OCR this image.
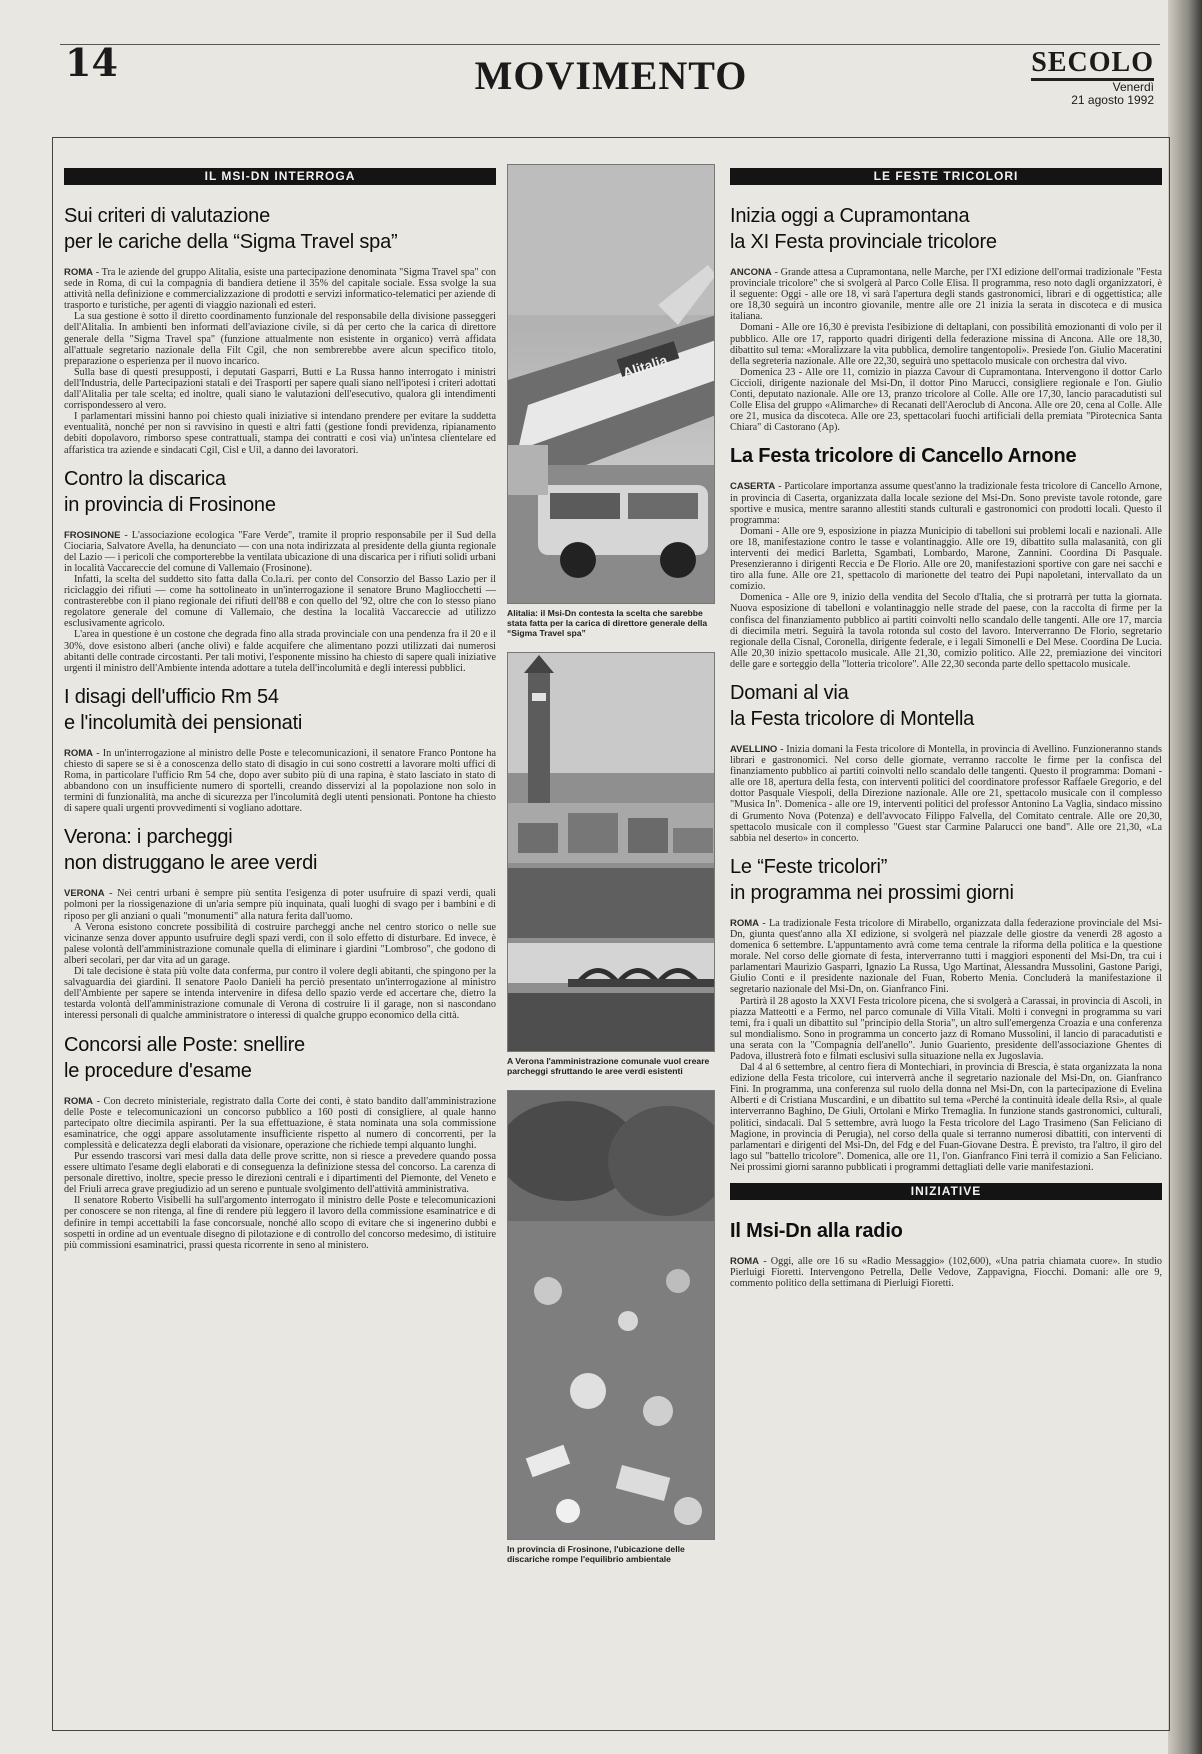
14	MOVIMENTO	SECOLO
Venerdì
21 agosto 1992
IL MSI-DN INTERROGA
Sui criteri di valutazione
per le cariche della “Sigma Travel spa”

ROMA - Tra le aziende del gruppo Alitalia, esiste una partecipazione denominata "Sigma Travel spa" con sede in Roma, di cui la compagnia di bandiera detiene il 35% del capitale sociale. Essa svolge la sua attività nella definizione e commercializzazione di prodotti e servizi informatico-telematici per aziende di trasporto e turistiche, per agenti di viaggio nazionali ed esteri.

La sua gestione è sotto il diretto coordinamento funzionale del responsabile della divisione passeggeri dell'Alitalia. In ambienti ben informati dell'aviazione civile, si dà per certo che la carica di direttore generale della "Sigma Travel spa" (funzione attualmente non esistente in organico) verrà affidata all'attuale segretario nazionale della Filt Cgil, che non sembrerebbe avere alcun specifico titolo, preparazione o esperienza per il nuovo incarico.

Sulla base di questi presupposti, i deputati Gasparri, Butti e La Russa hanno interrogato i ministri dell'Industria, delle Partecipazioni statali e dei Trasporti per sapere quali siano nell'ipotesi i criteri adottati dall'Alitalia per tale scelta; ed inoltre, quali siano le valutazioni dell'esecutivo, qualora gli intendimenti corrispondessero al vero.

I parlamentari missini hanno poi chiesto quali iniziative si intendano prendere per evitare la suddetta eventualità, nonché per non si ravvisino in questi e altri fatti (gestione fondi previdenza, ripianamento debiti dopolavoro, rimborso spese contrattuali, stampa dei contratti e così via) un'intesa clientelare ed affaristica tra aziende e sindacati Cgil, Cisl e Uil, a danno dei lavoratori.

Contro la discarica
in provincia di Frosinone

FROSINONE - L'associazione ecologica "Fare Verde", tramite il proprio responsabile per il Sud della Ciociaria, Salvatore Avella, ha denunciato — con una nota indirizzata al presidente della giunta regionale del Lazio — i pericoli che comporterebbe la ventilata ubicazione di una discarica per i rifiuti solidi urbani in località Vaccareccie del comune di Vallemaio (Frosinone).

Infatti, la scelta del suddetto sito fatta dalla Co.la.ri. per conto del Consorzio del Basso Lazio per il riciclaggio dei rifiuti — come ha sottolineato in un'interrogazione il senatore Bruno Magliocchetti — contrasterebbe con il piano regionale dei rifiuti dell'88 e con quello del '92, oltre che con lo stesso piano regolatore generale del comune di Vallemaio, che destina la località Vaccareccie ad utilizzo esclusivamente agricolo.

L'area in questione è un costone che degrada fino alla strada provinciale con una pendenza fra il 20 e il 30%, dove esistono alberi (anche olivi) e falde acquifere che alimentano pozzi utilizzati dai numerosi abitanti delle contrade circostanti. Per tali motivi, l'esponente missino ha chiesto di sapere quali iniziative urgenti il ministro dell'Ambiente intenda adottare a tutela dell'incolumità e degli interessi pubblici.

I disagi dell'ufficio Rm 54
e l'incolumità dei pensionati

ROMA - In un'interrogazione al ministro delle Poste e telecomunicazioni, il senatore Franco Pontone ha chiesto di sapere se si è a conoscenza dello stato di disagio in cui sono costretti a lavorare molti uffici di Roma, in particolare l'ufficio Rm 54 che, dopo aver subito più di una rapina, è stato lasciato in stato di abbandono con un insufficiente numero di sportelli, creando disservizi al la popolazione non solo in termini di funzionalità, ma anche di sicurezza per l'incolumità degli utenti pensionati. Pontone ha chiesto di sapere quali urgenti provvedimenti si vogliano adottare.

Verona: i parcheggi
non distruggano le aree verdi

VERONA - Nei centri urbani è sempre più sentita l'esigenza di poter usufruire di spazi verdi, quali polmoni per la riossigenazione di un'aria sempre più inquinata, quali luoghi di svago per i bambini e di riposo per gli anziani o quali "monumenti" alla natura ferita dall'uomo.

A Verona esistono concrete possibilità di costruire parcheggi anche nel centro storico o nelle sue vicinanze senza dover appunto usufruire degli spazi verdi, con il solo effetto di disturbare. Ed invece, è palese volontà dell'amministrazione comunale quella di eliminare i giardini "Lombroso", che godono di alberi secolari, per dar vita ad un garage.

Di tale decisione è stata più volte data conferma, pur contro il volere degli abitanti, che spingono per la salvaguardia dei giardini. Il senatore Paolo Danieli ha perciò presentato un'interrogazione al ministro dell'Ambiente per sapere se intenda intervenire in difesa dello spazio verde ed accertare che, dietro la testarda volontà dell'amministrazione comunale di Verona di costruire lì il garage, non si nascondano interessi personali di qualche amministratore o interessi di qualche gruppo economico della città.

Concorsi alle Poste: snellire
le procedure d'esame

ROMA - Con decreto ministeriale, registrato dalla Corte dei conti, è stato bandito dall'amministrazione delle Poste e telecomunicazioni un concorso pubblico a 160 posti di consigliere, al quale hanno partecipato oltre diecimila aspiranti. Per la sua effettuazione, è stata nominata una sola commissione esaminatrice, che oggi appare assolutamente insufficiente rispetto al numero di concorrenti, per la complessità e delicatezza degli elaborati da visionare, operazione che richiede tempi alquanto lunghi.

Pur essendo trascorsi vari mesi dalla data delle prove scritte, non si riesce a prevedere quando possa essere ultimato l'esame degli elaborati e di conseguenza la definizione stessa del concorso. La carenza di personale direttivo, inoltre, specie presso le direzioni centrali e i dipartimenti del Piemonte, del Veneto e del Friuli arreca grave pregiudizio ad un sereno e puntuale svolgimento dell'attività amministrativa.

Il senatore Roberto Visibelli ha sull'argomento interrogato il ministro delle Poste e telecomunicazioni per conoscere se non ritenga, al fine di rendere più leggero il lavoro della commissione esaminatrice e di definire in tempi accettabili la fase concorsuale, nonché allo scopo di evitare che si ingenerino dubbi e sospetti in ordine ad un eventuale disegno di pilotazione e di controllo del concorso medesimo, di istituire più commissioni esaminatrici, prassi questa ricorrente in seno al ministero.

Alitalia
Alitalia: il Msi-Dn contesta la scelta che sarebbe stata fatta per la carica di direttore generale della “Sigma Travel spa”
A Verona l'amministrazione comunale vuol creare parcheggi sfruttando le aree verdi esistenti
In provincia di Frosinone, l'ubicazione delle discariche rompe l'equilibrio ambientale
LE FESTE TRICOLORI
Inizia oggi a Cupramontana
la XI Festa provinciale tricolore

ANCONA - Grande attesa a Cupramontana, nelle Marche, per l'XI edizione dell'ormai tradizionale "Festa provinciale tricolore" che si svolgerà al Parco Colle Elisa. Il programma, reso noto dagli organizzatori, è il seguente: Oggi - alle ore 18, vi sarà l'apertura degli stands gastronomici, librari e di oggettistica; alle ore 18,30 seguirà un incontro giovanile, mentre alle ore 21 inizia la serata in discoteca e di musica italiana.

Domani - Alle ore 16,30 è prevista l'esibizione di deltaplani, con possibilità emozionanti di volo per il pubblico. Alle ore 17, rapporto quadri dirigenti della federazione missina di Ancona. Alle ore 18,30, dibattito sul tema: «Moralizzare la vita pubblica, demolire tangentopoli». Presiede l'on. Giulio Maceratini della segreteria nazionale. Alle ore 22,30, seguirà uno spettacolo musicale con orchestra dal vivo.

Domenica 23 - Alle ore 11, comizio in piazza Cavour di Cupramontana. Intervengono il dottor Carlo Ciccioli, dirigente nazionale del Msi-Dn, il dottor Pino Marucci, consigliere regionale e l'on. Giulio Conti, deputato nazionale. Alle ore 13, pranzo tricolore al Colle. Alle ore 17,30, lancio paracadutisti sul Colle Elisa del gruppo «Alimarche» di Recanati dell'Aeroclub di Ancona. Alle ore 20, cena al Colle. Alle ore 21, musica da discoteca. Alle ore 23, spettacolari fuochi artificiali della premiata "Pirotecnica Santa Chiara" di Castorano (Ap).

La Festa tricolore di Cancello Arnone

CASERTA - Particolare importanza assume quest'anno la tradizionale festa tricolore di Cancello Arnone, in provincia di Caserta, organizzata dalla locale sezione del Msi-Dn. Sono previste tavole rotonde, gare sportive e musica, mentre saranno allestiti stands culturali e gastronomici con prodotti locali. Questo il programma:

Domani - Alle ore 9, esposizione in piazza Municipio di tabelloni sui problemi locali e nazionali. Alle ore 18, manifestazione contro le tasse e volantinaggio. Alle ore 19, dibattito sulla malasanità, con gli interventi dei medici Barletta, Sgambati, Lombardo, Marone, Zannini. Coordina Di Pasquale. Presenzieranno i dirigenti Reccia e De Florio. Alle ore 20, manifestazioni sportive con gare nei sacchi e tiro alla fune. Alle ore 21, spettacolo di marionette del teatro dei Pupi napoletani, intervallato da un comizio.

Domenica - Alle ore 9, inizio della vendita del Secolo d'Italia, che si protrarrà per tutta la giornata. Nuova esposizione di tabelloni e volantinaggio nelle strade del paese, con la raccolta di firme per la confisca del finanziamento pubblico ai partiti coinvolti nello scandalo delle tangenti. Alle ore 17, marcia di diecimila metri. Seguirà la tavola rotonda sul costo del lavoro. Interverranno De Florio, segretario regionale della Cisnal, Coronella, dirigente federale, e i legali Simonelli e Del Mese. Coordina De Lucia. Alle 20,30 inizio spettacolo musicale. Alle 21,30, comizio politico. Alle 22, premiazione dei vincitori delle gare e sorteggio della "lotteria tricolore". Alle 22,30 seconda parte dello spettacolo musicale.

Domani al via
la Festa tricolore di Montella

AVELLINO - Inizia domani la Festa tricolore di Montella, in provincia di Avellino. Funzioneranno stands librari e gastronomici. Nel corso delle giornate, verranno raccolte le firme per la confisca del finanziamento pubblico ai partiti coinvolti nello scandalo delle tangenti. Questo il programma: Domani - alle ore 18, apertura della festa, con interventi politici del coordinatore professor Raffaele Gregorio, e del dottor Pasquale Viespoli, della Direzione nazionale. Alle ore 21, spettacolo musicale con il complesso "Musica In". Domenica - alle ore 19, interventi politici del professor Antonino La Vaglia, sindaco missino di Grumento Nova (Potenza) e dell'avvocato Filippo Falvella, del Comitato centrale. Alle ore 20,30, spettacolo musicale con il complesso "Guest star Carmine Palarucci one band". Alle ore 21,30, «La sabbia nel deserto» in concerto.

Le “Feste tricolori”
in programma nei prossimi giorni

ROMA - La tradizionale Festa tricolore di Mirabello, organizzata dalla federazione provinciale del Msi-Dn, giunta quest'anno alla XI edizione, si svolgerà nel piazzale delle giostre da venerdì 28 agosto a domenica 6 settembre. L'appuntamento avrà come tema centrale la riforma della politica e la questione morale. Nel corso delle giornate di festa, interverranno tutti i maggiori esponenti del Msi-Dn, tra cui i parlamentari Maurizio Gasparri, Ignazio La Russa, Ugo Martinat, Alessandra Mussolini, Gastone Parigi, Giulio Conti e il presidente nazionale del Fuan, Roberto Menia. Concluderà la manifestazione il segretario nazionale del Msi-Dn, on. Gianfranco Fini.

Partirà il 28 agosto la XXVI Festa tricolore picena, che si svolgerà a Carassai, in provincia di Ascoli, in piazza Matteotti e a Fermo, nel parco comunale di Villa Vitali. Molti i convegni in programma su vari temi, fra i quali un dibattito sul "principio della Storia", un altro sull'emergenza Croazia e una conferenza sul mondialismo. Sono in programma un concerto jazz di Romano Mussolini, il lancio di paracadutisti e una serata con la "Compagnia dell'anello". Junio Guariento, presidente dell'associazione Ghentes di Padova, illustrerà foto e filmati esclusivi sulla situazione nella ex Jugoslavia.

Dal 4 al 6 settembre, al centro fiera di Montechiari, in provincia di Brescia, è stata organizzata la nona edizione della Festa tricolore, cui interverrà anche il segretario nazionale del Msi-Dn, on. Gianfranco Fini. In programma, una conferenza sul ruolo della donna nel Msi-Dn, con la partecipazione di Evelina Alberti e di Cristiana Muscardini, e un dibattito sul tema «Perché la continuità ideale della Rsi», al quale interverranno Baghino, De Giuli, Ortolani e Mirko Tremaglia. In funzione stands gastronomici, culturali, politici, sindacali. Dal 5 settembre, avrà luogo la Festa tricolore del Lago Trasimeno (San Feliciano di Magione, in provincia di Perugia), nel corso della quale si terranno numerosi dibattiti, con interventi di parlamentari e dirigenti del Msi-Dn, del Fdg e del Fuan-Giovane Destra. È previsto, tra l'altro, il giro del lago sul "battello tricolore". Domenica, alle ore 11, l'on. Gianfranco Fini terrà il comizio a San Feliciano. Nei prossimi giorni saranno pubblicati i programmi dettagliati delle varie manifestazioni.

INIZIATIVE
Il Msi-Dn alla radio

ROMA - Oggi, alle ore 16 su «Radio Messaggio» (102,600), «Una patria chiamata cuore». In studio Pierluigi Fioretti. Intervengono Petrella, Delle Vedove, Zappavigna, Fiocchi. Domani: alle ore 9, commento politico della settimana di Pierluigi Fioretti.
